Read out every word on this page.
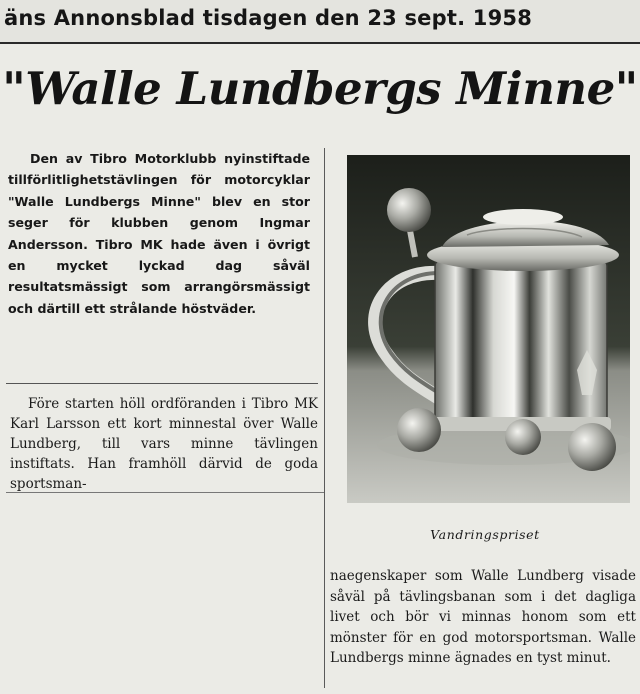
äns Annonsblad tisdagen den 23 sept. 1958
"Walle Lundbergs Minne"

Den av Tibro Motorklubb nyinstiftade tillförlitlighetstävlingen för motorcyklar "Walle Lundbergs Minne" blev en stor seger för klubben genom Ingmar Andersson. Tibro MK hade även i övrigt en mycket lyckad dag såväl resultatsmässigt som arrangörsmässigt och därtill ett strålande höstväder.

Före starten höll ordföranden i Tibro MK Karl Larsson ett kort minnestal över Walle Lundberg, till vars minne tävlingen instiftats. Han framhöll därvid de goda sportsman-

Vandringspriset

naegenskaper som Walle Lundberg visade såväl på tävlingsbanan som i det dagliga livet och bör vi minnas honom som ett mönster för en god motorsportsman. Walle Lundbergs minne ägnades en tyst minut.
